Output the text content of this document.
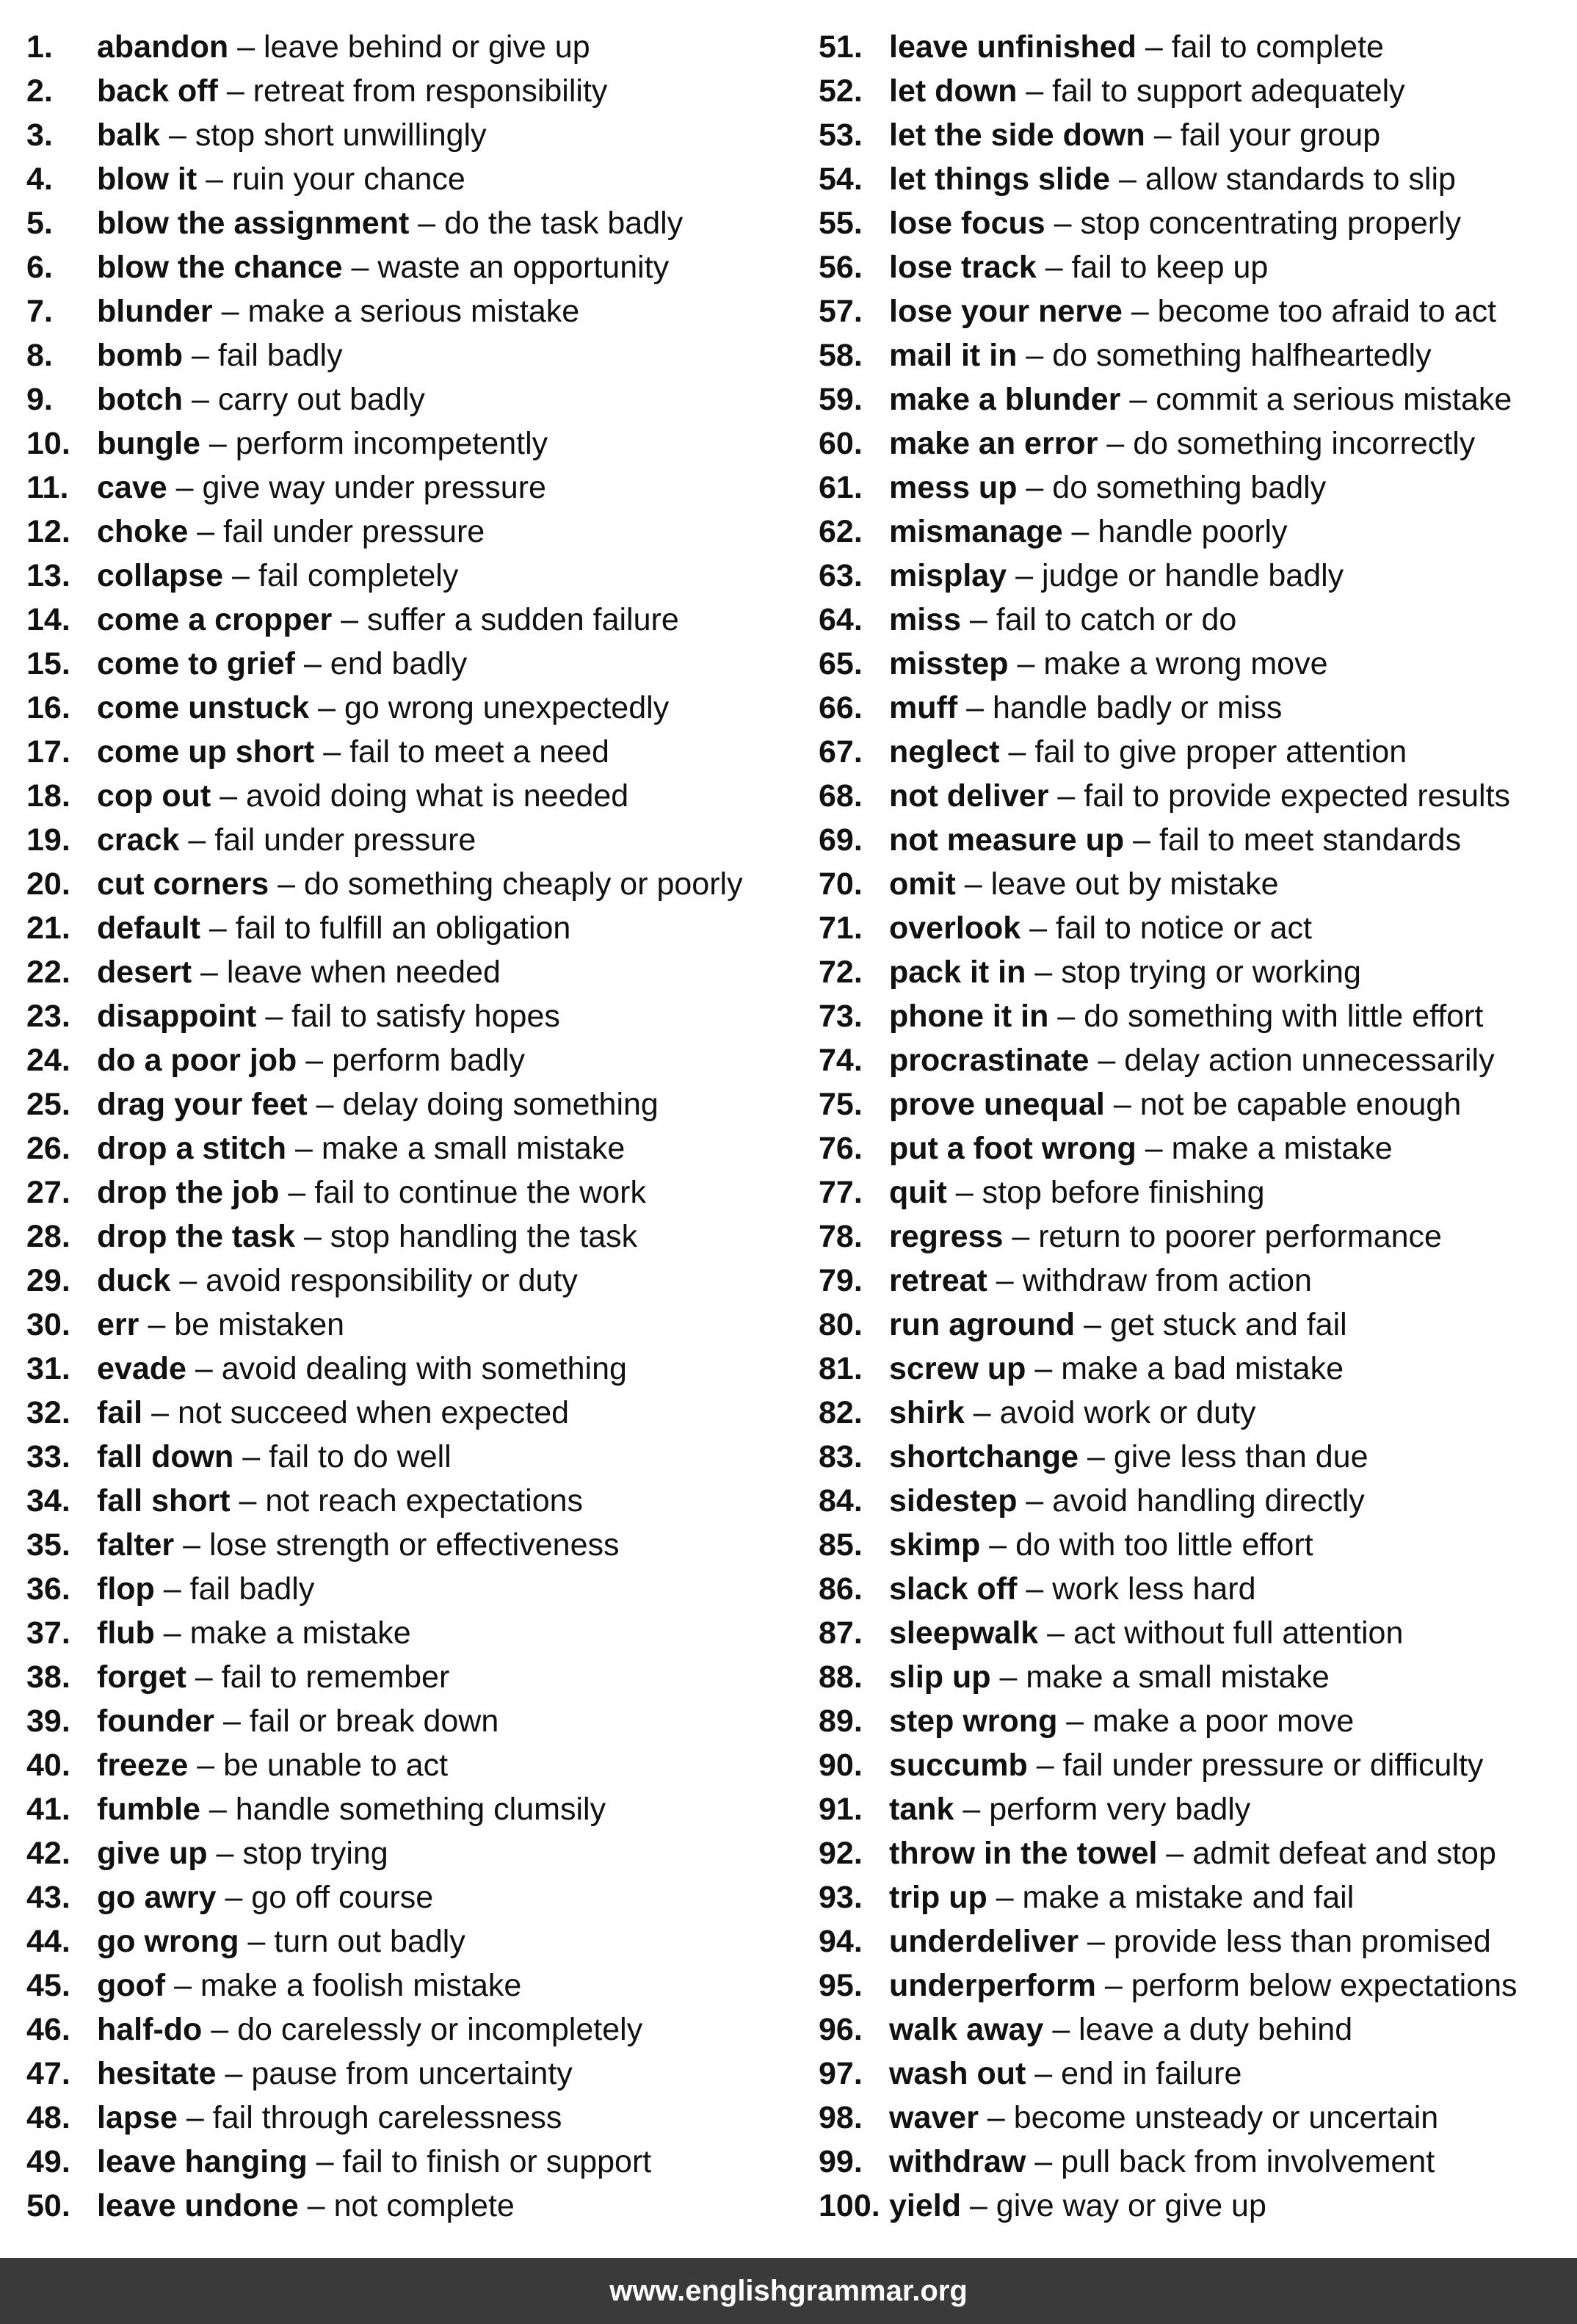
1. abandon – leave behind or give up
2. back off – retreat from responsibility
3. balk – stop short unwillingly
4. blow it – ruin your chance
5. blow the assignment – do the task badly
6. blow the chance – waste an opportunity
7. blunder – make a serious mistake
8. bomb – fail badly
9. botch – carry out badly
10. bungle – perform incompetently
11. cave – give way under pressure
12. choke – fail under pressure
13. collapse – fail completely
14. come a cropper – suffer a sudden failure
15. come to grief – end badly
16. come unstuck – go wrong unexpectedly
17. come up short – fail to meet a need
18. cop out – avoid doing what is needed
19. crack – fail under pressure
20. cut corners – do something cheaply or poorly
21. default – fail to fulfill an obligation
22. desert – leave when needed
23. disappoint – fail to satisfy hopes
24. do a poor job – perform badly
25. drag your feet – delay doing something
26. drop a stitch – make a small mistake
27. drop the job – fail to continue the work
28. drop the task – stop handling the task
29. duck – avoid responsibility or duty
30. err – be mistaken
31. evade – avoid dealing with something
32. fail – not succeed when expected
33. fall down – fail to do well
34. fall short – not reach expectations
35. falter – lose strength or effectiveness
36. flop – fail badly
37. flub – make a mistake
38. forget – fail to remember
39. founder – fail or break down
40. freeze – be unable to act
41. fumble – handle something clumsily
42. give up – stop trying
43. go awry – go off course
44. go wrong – turn out badly
45. goof – make a foolish mistake
46. half-do – do carelessly or incompletely
47. hesitate – pause from uncertainty
48. lapse – fail through carelessness
49. leave hanging – fail to finish or support
50. leave undone – not complete
51. leave unfinished – fail to complete
52. let down – fail to support adequately
53. let the side down – fail your group
54. let things slide – allow standards to slip
55. lose focus – stop concentrating properly
56. lose track – fail to keep up
57. lose your nerve – become too afraid to act
58. mail it in – do something halfheartedly
59. make a blunder – commit a serious mistake
60. make an error – do something incorrectly
61. mess up – do something badly
62. mismanage – handle poorly
63. misplay – judge or handle badly
64. miss – fail to catch or do
65. misstep – make a wrong move
66. muff – handle badly or miss
67. neglect – fail to give proper attention
68. not deliver – fail to provide expected results
69. not measure up – fail to meet standards
70. omit – leave out by mistake
71. overlook – fail to notice or act
72. pack it in – stop trying or working
73. phone it in – do something with little effort
74. procrastinate – delay action unnecessarily
75. prove unequal – not be capable enough
76. put a foot wrong – make a mistake
77. quit – stop before finishing
78. regress – return to poorer performance
79. retreat – withdraw from action
80. run aground – get stuck and fail
81. screw up – make a bad mistake
82. shirk – avoid work or duty
83. shortchange – give less than due
84. sidestep – avoid handling directly
85. skimp – do with too little effort
86. slack off – work less hard
87. sleepwalk – act without full attention
88. slip up – make a small mistake
89. step wrong – make a poor move
90. succumb – fail under pressure or difficulty
91. tank – perform very badly
92. throw in the towel – admit defeat and stop
93. trip up – make a mistake and fail
94. underdeliver – provide less than promised
95. underperform – perform below expectations
96. walk away – leave a duty behind
97. wash out – end in failure
98. waver – become unsteady or uncertain
99. withdraw – pull back from involvement
100. yield – give way or give up
www.englishgrammar.org
